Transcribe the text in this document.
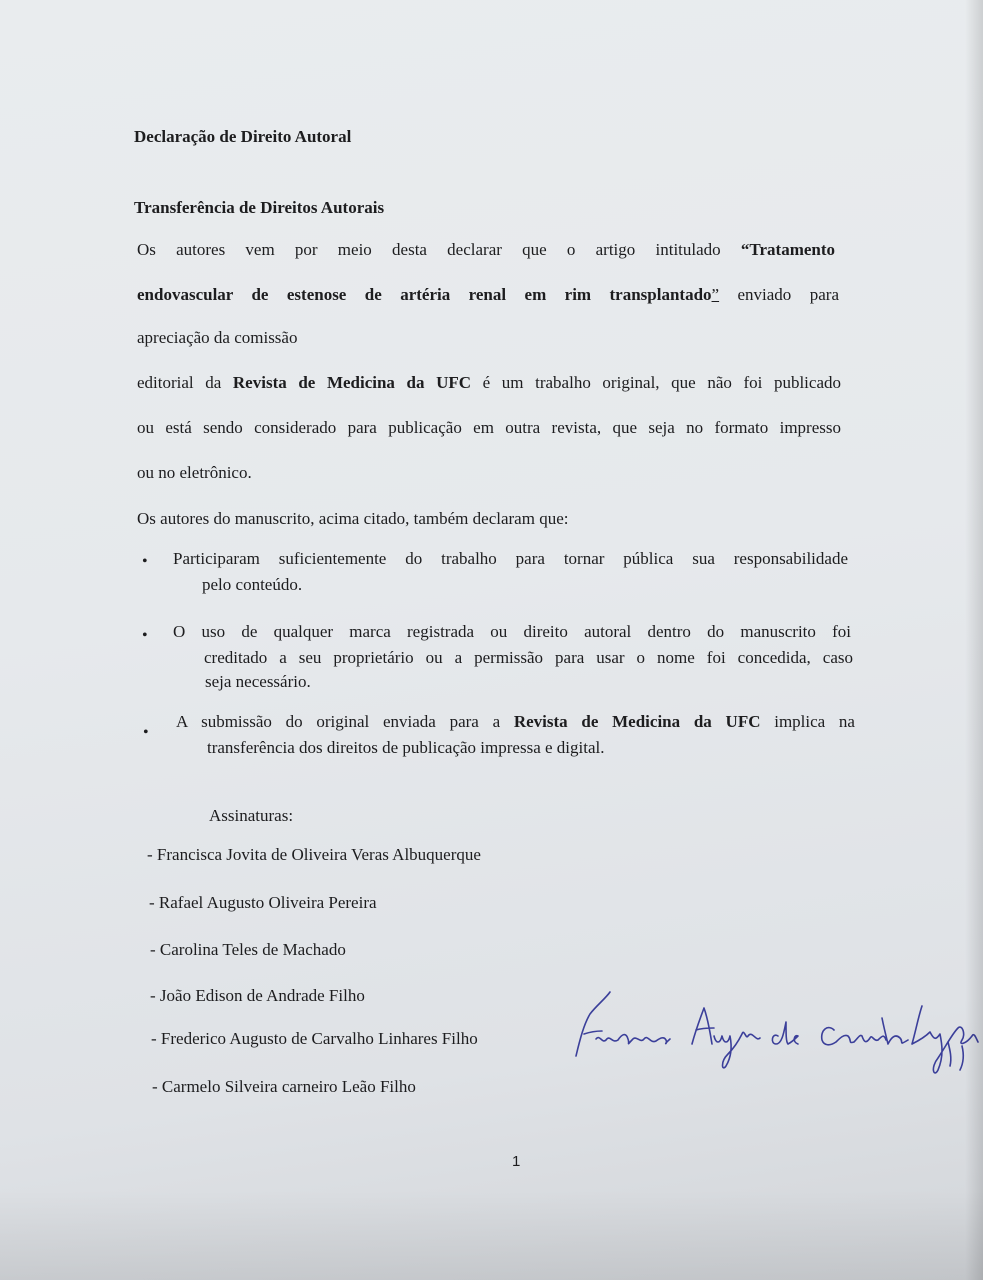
Declaração de Direito Autoral
Transferência de Direitos Autorais
Os autores vem por meio desta declarar que o artigo intitulado “Tratamento
endovascular de estenose de artéria renal em rim transplantado” enviado para
apreciação da comissão
editorial da Revista de Medicina da UFC é um trabalho original, que não foi publicado
ou está sendo considerado para publicação em outra revista, que seja no formato impresso
ou no eletrônico.
Os autores do manuscrito, acima citado, também declaram que:
• Participaram suficientemente do trabalho para tornar pública sua responsabilidade
pelo conteúdo.
• O uso de qualquer marca registrada ou direito autoral dentro do manuscrito foi
creditado a seu proprietário ou a permissão para usar o nome foi concedida, caso
seja necessário.
•
A submissão do original enviada para a Revista de Medicina da UFC implica na
transferência dos direitos de publicação impressa e digital.
Assinaturas:
- Francisca Jovita de Oliveira Veras Albuquerque
- Rafael Augusto Oliveira Pereira
- Carolina Teles de Machado
- João Edison de Andrade Filho
- Frederico Augusto de Carvalho Linhares Filho
- Carmelo Silveira carneiro Leão Filho
1
